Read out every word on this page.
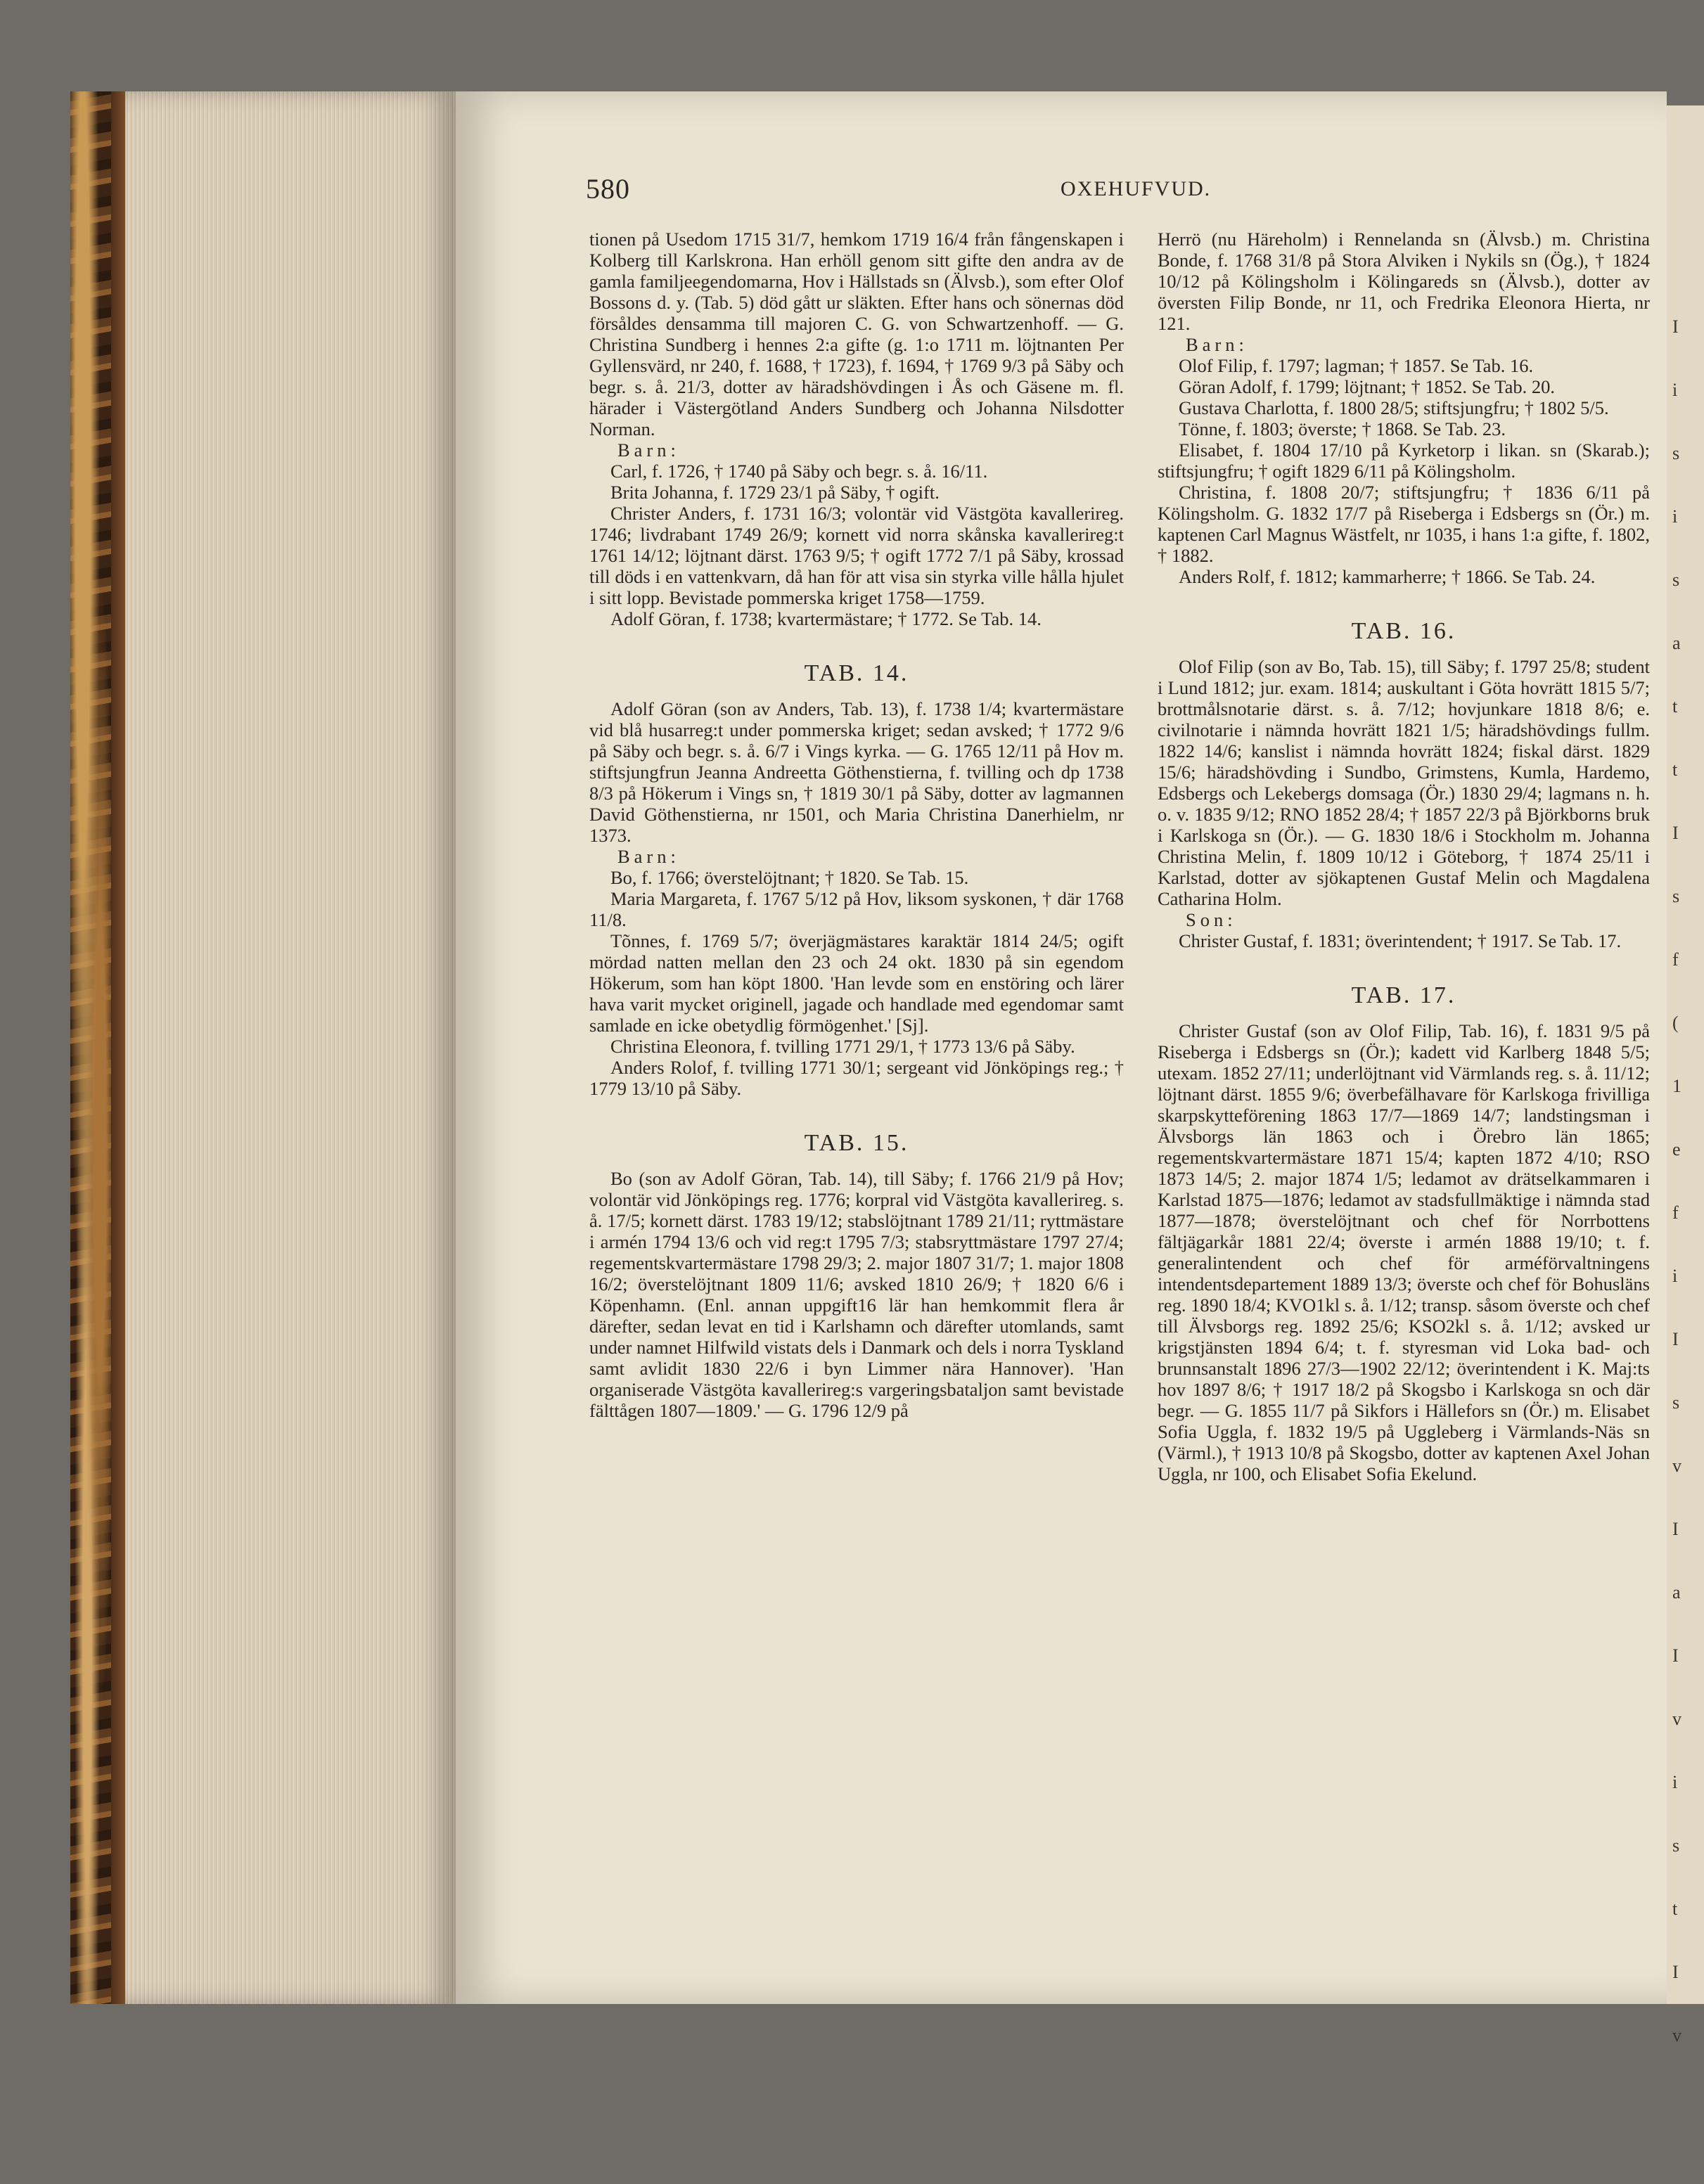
580	OXEHUFVUD.

tionen på Usedom 1715 31/7, hemkom 1719 16/4 från fångenskapen i Kolberg till Karlskrona. Han erhöll genom sitt gifte den andra av de gamla familjeegendomarna, Hov i Hällstads sn (Älvsb.), som efter Olof Bossons d. y. (Tab. 5) död gått ur släkten. Efter hans och sönernas död försåldes densamma till majoren C. G. von Schwartzenhoff. — G. Christina Sundberg i hennes 2:a gifte (g. 1:o 1711 m. löjtnanten Per Gyllensvärd, nr 240, f. 1688, † 1723), f. 1694, † 1769 9/3 på Säby och begr. s. å. 21/3, dotter av häradshövdingen i Ås och Gäsene m. fl. härader i Västergötland Anders Sundberg och Johanna Nilsdotter Norman.

Barn:

Carl, f. 1726, † 1740 på Säby och begr. s. å. 16/11.

Brita Johanna, f. 1729 23/1 på Säby, † ogift.

Christer Anders, f. 1731 16/3; volontär vid Västgöta kavallerireg. 1746; livdrabant 1749 26/9; kornett vid norra skånska kavallerireg:t 1761 14/12; löjtnant därst. 1763 9/5; † ogift 1772 7/1 på Säby, krossad till döds i en vattenkvarn, då han för att visa sin styrka ville hålla hjulet i sitt lopp. Bevistade pommerska kriget 1758—1759.

Adolf Göran, f. 1738; kvartermästare; † 1772. Se Tab. 14.

TAB. 14.

Adolf Göran (son av Anders, Tab. 13), f. 1738 1/4; kvartermästare vid blå husarreg:t under pommerska kriget; sedan avsked; † 1772 9/6 på Säby och begr. s. å. 6/7 i Vings kyrka. — G. 1765 12/11 på Hov m. stiftsjungfrun Jeanna Andreetta Göthenstierna, f. tvilling och dp 1738 8/3 på Hökerum i Vings sn, † 1819 30/1 på Säby, dotter av lagmannen David Göthenstierna, nr 1501, och Maria Christina Danerhielm, nr 1373.

Barn:

Bo, f. 1766; överstelöjtnant; † 1820. Se Tab. 15.

Maria Margareta, f. 1767 5/12 på Hov, liksom syskonen, † där 1768 11/8.

Tõnnes, f. 1769 5/7; överjägmästares karaktär 1814 24/5; ogift mördad natten mellan den 23 och 24 okt. 1830 på sin egendom Hökerum, som han köpt 1800. 'Han levde som en enstöring och lärer hava varit mycket originell, jagade och handlade med egendomar samt samlade en icke obetydlig förmögenhet.' [Sj].

Christina Eleonora, f. tvilling 1771 29/1, † 1773 13/6 på Säby.

Anders Rolof, f. tvilling 1771 30/1; sergeant vid Jönköpings reg.; † 1779 13/10 på Säby.

TAB. 15.

Bo (son av Adolf Göran, Tab. 14), till Säby; f. 1766 21/9 på Hov; volontär vid Jönköpings reg. 1776; korpral vid Västgöta kavallerireg. s. å. 17/5; kornett därst. 1783 19/12; stabslöjtnant 1789 21/11; ryttmästare i armén 1794 13/6 och vid reg:t 1795 7/3; stabsryttmästare 1797 27/4; regementskvartermästare 1798 29/3; 2. major 1807 31/7; 1. major 1808 16/2; överstelöjtnant 1809 11/6; avsked 1810 26/9; † 1820 6/6 i Köpenhamn. (Enl. annan uppgift16 lär han hemkommit flera år därefter, sedan levat en tid i Karlshamn och därefter utomlands, samt under namnet Hilfwild vistats dels i Danmark och dels i norra Tyskland samt avlidit 1830 22/6 i byn Limmer nära Hannover). 'Han organiserade Västgöta kavallerireg:s vargeringsbataljon samt bevistade fälttågen 1807—1809.' — G. 1796 12/9 på

Herrö (nu Häreholm) i Rennelanda sn (Älvsb.) m. Christina Bonde, f. 1768 31/8 på Stora Alviken i Nykils sn (Ög.), † 1824 10/12 på Kölingsholm i Kölingareds sn (Älvsb.), dotter av översten Filip Bonde, nr 11, och Fredrika Eleonora Hierta, nr 121.

Barn:

Olof Filip, f. 1797; lagman; † 1857. Se Tab. 16.

Göran Adolf, f. 1799; löjtnant; † 1852. Se Tab. 20.

Gustava Charlotta, f. 1800 28/5; stiftsjungfru; † 1802 5/5.

Tönne, f. 1803; överste; † 1868. Se Tab. 23.

Elisabet, f. 1804 17/10 på Kyrketorp i likan. sn (Skarab.); stiftsjungfru; † ogift 1829 6/11 på Kölingsholm.

Christina, f. 1808 20/7; stiftsjungfru; † 1836 6/11 på Kölingsholm. G. 1832 17/7 på Riseberga i Edsbergs sn (Ör.) m. kaptenen Carl Magnus Wästfelt, nr 1035, i hans 1:a gifte, f. 1802, † 1882.

Anders Rolf, f. 1812; kammarherre; † 1866. Se Tab. 24.

TAB. 16.

Olof Filip (son av Bo, Tab. 15), till Säby; f. 1797 25/8; student i Lund 1812; jur. exam. 1814; auskultant i Göta hovrätt 1815 5/7; brottmålsnotarie därst. s. å. 7/12; hovjunkare 1818 8/6; e. civilnotarie i nämnda hovrätt 1821 1/5; häradshövdings fullm. 1822 14/6; kanslist i nämnda hovrätt 1824; fiskal därst. 1829 15/6; häradshövding i Sundbo, Grimstens, Kumla, Hardemo, Edsbergs och Lekebergs domsaga (Ör.) 1830 29/4; lagmans n. h. o. v. 1835 9/12; RNO 1852 28/4; † 1857 22/3 på Björkborns bruk i Karlskoga sn (Ör.). — G. 1830 18/6 i Stockholm m. Johanna Christina Melin, f. 1809 10/12 i Göteborg, † 1874 25/11 i Karlstad, dotter av sjökaptenen Gustaf Melin och Magdalena Catharina Holm.

Son:

Christer Gustaf, f. 1831; överintendent; † 1917. Se Tab. 17.

TAB. 17.

Christer Gustaf (son av Olof Filip, Tab. 16), f. 1831 9/5 på Riseberga i Edsbergs sn (Ör.); kadett vid Karlberg 1848 5/5; utexam. 1852 27/11; underlöjtnant vid Värmlands reg. s. å. 11/12; löjtnant därst. 1855 9/6; överbefälhavare för Karlskoga frivilliga skarpskytteförening 1863 17/7—1869 14/7; landstingsman i Älvsborgs län 1863 och i Örebro län 1865; regementskvartermästare 1871 15/4; kapten 1872 4/10; RSO 1873 14/5; 2. major 1874 1/5; ledamot av drätselkammaren i Karlstad 1875—1876; ledamot av stadsfullmäktige i nämnda stad 1877—1878; överstelöjtnant och chef för Norrbottens fältjägarkår 1881 22/4; överste i armén 1888 19/10; t. f. generalintendent och chef för arméförvaltningens intendentsdepartement 1889 13/3; överste och chef för Bohusläns reg. 1890 18/4; KVO1kl s. å. 1/12; transp. såsom överste och chef till Älvsborgs reg. 1892 25/6; KSO2kl s. å. 1/12; avsked ur krigstjänsten 1894 6/4; t. f. styresman vid Loka bad- och brunnsanstalt 1896 27/3—1902 22/12; överintendent i K. Maj:ts hov 1897 8/6; † 1917 18/2 på Skogsbo i Karlskoga sn och där begr. — G. 1855 11/7 på Sikfors i Hällefors sn (Ör.) m. Elisabet Sofia Uggla, f. 1832 19/5 på Uggleberg i Värmlands-Näs sn (Värml.), † 1913 10/8 på Skogsbo, dotter av kaptenen Axel Johan Uggla, nr 100, och Elisabet Sofia Ekelund.

I
i
s
i
s
a
t
t
I
s
f
(
1
e
f
i
I
s
v
I
a
I
v
i
s
t
I
v
